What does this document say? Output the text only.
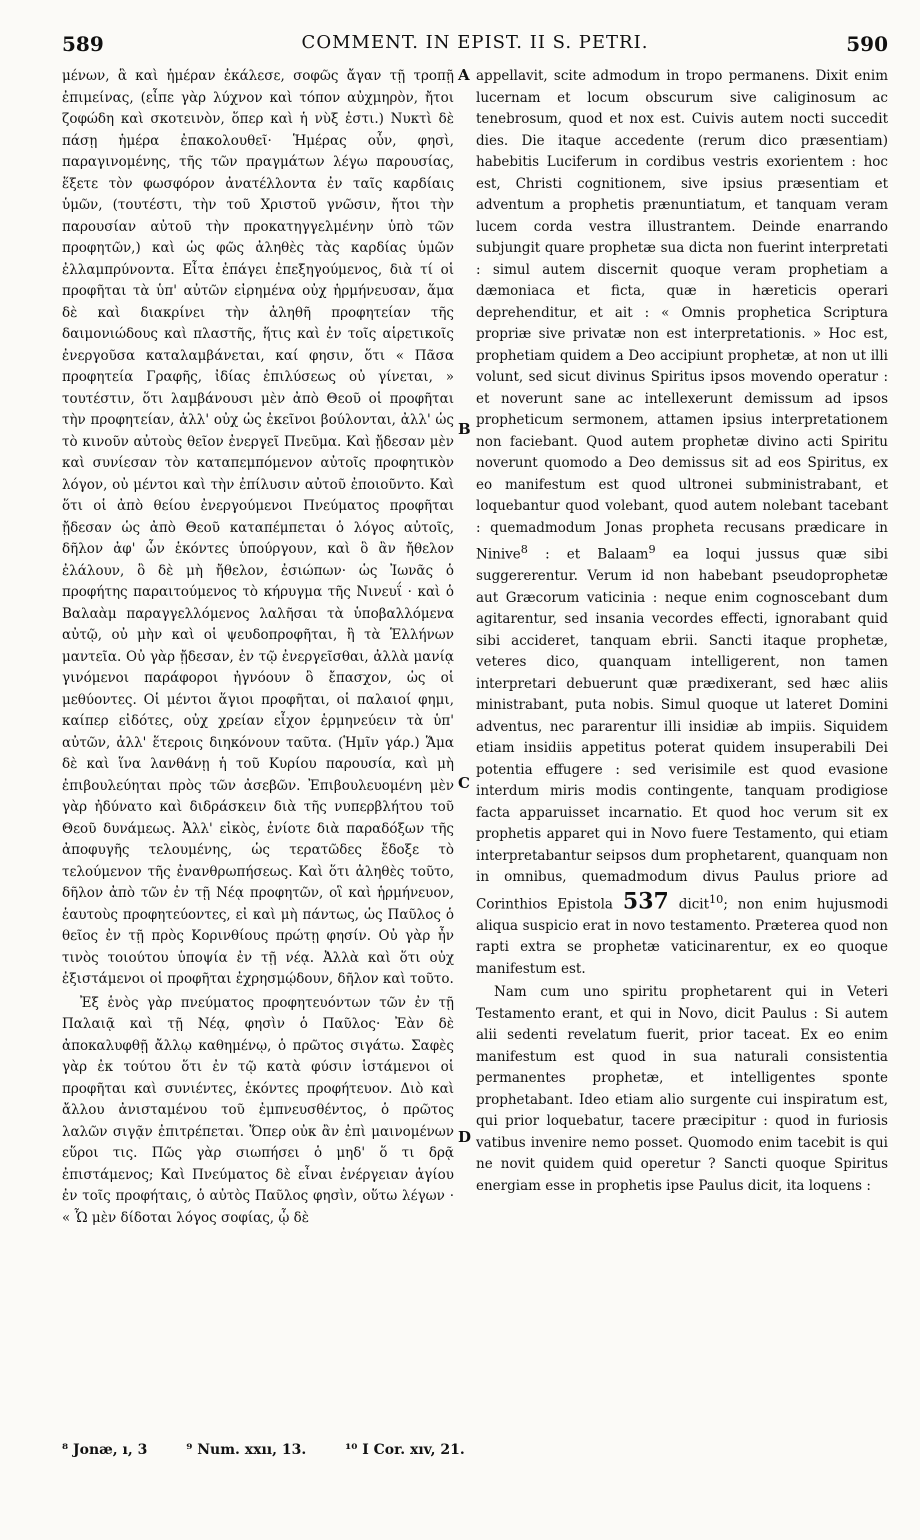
589	COMMENT. IN EPIST. II S. PETRI.	590

μένων, ἃ καὶ ἡμέραν ἐκάλεσε, σοφῶς ἄγαν τῇ τροπῇ ἐπιμείνας, (εἶπε γὰρ λύχνον καὶ τόπον αὐχμηρὸν, ἤτοι ζοφώδη καὶ σκοτεινὸν, ὅπερ καὶ ἡ νὺξ ἐστι.) Νυκτὶ δὲ πάσῃ ἡμέρα ἐπακολουθεῖ· Ἡμέρας οὖν, φησὶ, παραγινομένης, τῆς τῶν πραγμάτων λέγω παρουσίας, ἕξετε τὸν φωσφόρον ἀνατέλλοντα ἐν ταῖς καρδίαις ὑμῶν, (τουτέστι, τὴν τοῦ Χριστοῦ γνῶσιν, ἤτοι τὴν παρουσίαν αὐτοῦ τὴν προκατηγγελμένην ὑπὸ τῶν προφητῶν,) καὶ ὡς φῶς ἀληθὲς τὰς καρδίας ὑμῶν ἐλλαμπρύνοντα. Εἶτα ἐπάγει ἐπεξηγούμενος, διὰ τί οἱ προφῆται τὰ ὑπ' αὐτῶν εἰρημένα οὐχ ἡρμήνευσαν, ἅμα δὲ καὶ διακρίνει τὴν ἀληθῆ προφητείαν τῆς δαιμονιώδους καὶ πλαστῆς, ἥτις καὶ ἐν τοῖς αἱρετικοῖς ἐνεργοῦσα καταλαμβάνεται, καί φησιν, ὅτι « Πᾶσα προφητεία Γραφῆς, ἰδίας ἐπιλύσεως οὐ γίνεται, » τουτέστιν, ὅτι λαμβάνουσι μὲν ἀπὸ Θεοῦ οἱ προφῆται τὴν προφητείαν, ἀλλ' οὐχ ὡς ἐκεῖνοι βούλονται, ἀλλ' ὡς τὸ κινοῦν αὐτοὺς θεῖον ἐνεργεῖ Πνεῦμα. Καὶ ᾔδεσαν μὲν καὶ συνίεσαν τὸν καταπεμπόμενον αὐτοῖς προφητικὸν λόγον, οὐ μέντοι καὶ τὴν ἐπίλυσιν αὐτοῦ ἐποιοῦντο. Καὶ ὅτι οἱ ἀπὸ θείου ἐνεργούμενοι Πνεύματος προφῆται ᾔδεσαν ὡς ἀπὸ Θεοῦ καταπέμπεται ὁ λόγος αὐτοῖς, δῆλον ἀφ' ὧν ἑκόντες ὑπούργουν, καὶ ὃ ἂν ἤθελον ἐλάλουν, ὃ δὲ μὴ ἤθελον, ἐσιώπων· ὡς Ἰωνᾶς ὁ προφήτης παραιτούμενος τὸ κήρυγμα τῆς Νινευΐ · καὶ ὁ Βαλαὰμ παραγγελλόμενος λαλῆσαι τὰ ὑποβαλλόμενα αὐτῷ, οὐ μὴν καὶ οἱ ψευδοπροφῆται, ἢ τὰ Ἑλλήνων μαντεῖα. Οὐ γὰρ ᾔδεσαν, ἐν τῷ ἐνεργεῖσθαι, ἀλλὰ μανίᾳ γινόμενοι παράφοροι ἠγνόουν ὃ ἔπασχον, ὡς οἱ μεθύοντες. Οἱ μέντοι ἅγιοι προφῆται, οἱ παλαιοί φημι, καίπερ εἰδότες, οὐχ χρείαν εἶχον ἑρμηνεύειν τὰ ὑπ' αὐτῶν, ἀλλ' ἕτεροις διηκόνουν ταῦτα. (Ἡμῖν γάρ.) Ἅμα δὲ καὶ ἵνα λανθάνῃ ἡ τοῦ Κυρίου παρουσία, καὶ μὴ ἐπιβουλεύηται πρὸς τῶν ἀσεβῶν. Ἐπιβουλευομένη μὲν γὰρ ἠδύνατο καὶ διδράσκειν διὰ τῆς νυπερβλήτου τοῦ Θεοῦ δυνάμεως. Ἀλλ' εἰκὸς, ἐνίοτε διὰ παραδόξων τῆς ἀποφυγῆς τελουμένης, ὡς τερατῶδες ἔδοξε τὸ τελούμενον τῆς ἐνανθρωπήσεως. Καὶ ὅτι ἀληθὲς τοῦτο, δῆλον ἀπὸ τῶν ἐν τῇ Νέᾳ προφητῶν, οἳ καὶ ἡρμήνευον, ἑαυτοὺς προφητεύοντες, εἰ καὶ μὴ πάντως, ὡς Παῦλος ὁ θεῖος ἐν τῇ πρὸς Κορινθίους πρώτῃ φησίν. Οὐ γὰρ ἦν τινὸς τοιούτου ὑποψία ἐν τῇ νέᾳ. Ἀλλὰ καὶ ὅτι οὐχ ἐξιστάμενοι οἱ προφῆται ἐχρησμῴδουν, δῆλον καὶ τοῦτο.

Ἐξ ἑνὸς γὰρ πνεύματος προφητευόντων τῶν ἐν τῇ Παλαιᾷ καὶ τῇ Νέᾳ, φησὶν ὁ Παῦλος· Ἐὰν δὲ ἀποκαλυφθῇ ἄλλῳ καθημένῳ, ὁ πρῶτος σιγάτω. Σαφὲς γὰρ ἐκ τούτου ὅτι ἐν τῷ κατὰ φύσιν ἱστάμενοι οἱ προφῆται καὶ συνιέντες, ἑκόντες προφήτευον. Διὸ καὶ ἄλλου ἀνισταμένου τοῦ ἐμπνευσθέντος, ὁ πρῶτος λαλῶν σιγᾷν ἐπιτρέπεται. Ὅπερ οὐκ ἂν ἐπὶ μαινομένων εὕροι τις. Πῶς γὰρ σιωπήσει ὁ μηδ' ὅ τι δρᾷ ἐπιστάμενος; Καὶ Πνεύματος δὲ εἶναι ἐνέργειαν ἁγίου ἐν τοῖς προφήταις, ὁ αὐτὸς Παῦλος φησὶν, οὕτω λέγων · « Ὧ μὲν δίδοται λόγος σοφίας, ᾧ δὲ

A
B
C
D

appellavit, scite admodum in tropo permanens. Dixit enim lucernam et locum obscurum sive caliginosum ac tenebrosum, quod et nox est. Cuivis autem nocti succedit dies. Die itaque accedente (rerum dico præsentiam) habebitis Luciferum in cordibus vestris exorientem : hoc est, Christi cognitionem, sive ipsius præsentiam et adventum a prophetis prænuntiatum, et tanquam veram lucem corda vestra illustrantem. Deinde enarrando subjungit quare prophetæ sua dicta non fuerint interpretati : simul autem discernit quoque veram prophetiam a dæmoniaca et ficta, quæ in hæreticis operari deprehenditur, et ait : « Omnis prophetica Scriptura propriæ sive privatæ non est interpretationis. » Hoc est, prophetiam quidem a Deo accipiunt prophetæ, at non ut illi volunt, sed sicut divinus Spiritus ipsos movendo operatur : et noverunt sane ac intellexerunt demissum ad ipsos propheticum sermonem, attamen ipsius interpretationem non faciebant. Quod autem prophetæ divino acti Spiritu noverunt quomodo a Deo demissus sit ad eos Spiritus, ex eo manifestum est quod ultronei subministrabant, et loquebantur quod volebant, quod autem nolebant tacebant : quemadmodum Jonas propheta recusans prædicare in Ninive$^8$ : et Balaam$^9$ ea loqui jussus quæ sibi suggererentur. Verum id non habebant pseudoprophetæ aut Græcorum vaticinia : neque enim cognoscebant dum agitarentur, sed insania vecordes effecti, ignorabant quid sibi accideret, tanquam ebrii. Sancti itaque prophetæ, veteres dico, quanquam intelligerent, non tamen interpretari debuerunt quæ prædixerant, sed hæc aliis ministrabant, puta nobis. Simul quoque ut lateret Domini adventus, nec pararentur illi insidiæ ab impiis. Siquidem etiam insidiis appetitus poterat quidem insuperabili Dei potentia effugere : sed verisimile est quod evasione interdum miris modis contingente, tanquam prodigiose facta apparuisset incarnatio. Et quod hoc verum sit ex prophetis apparet qui in Novo fuere Testamento, qui etiam interpretabantur seipsos dum prophetarent, quanquam non in omnibus, quemadmodum divus Paulus priore ad Corinthios Epistola 537 dicit$^{10}$; non enim hujusmodi aliqua suspicio erat in novo testamento. Præterea quod non rapti extra se prophetæ vaticinarentur, ex eo quoque manifestum est.

Nam cum uno spiritu prophetarent qui in Veteri Testamento erant, et qui in Novo, dicit Paulus : Si autem alii sedenti revelatum fuerit, prior taceat. Ex eo enim manifestum est quod in sua naturali consistentia permanentes prophetæ, et intelligentes sponte prophetabant. Ideo etiam alio surgente cui inspiratum est, qui prior loquebatur, tacere præcipitur : quod in furiosis vatibus invenire nemo posset. Quomodo enim tacebit is qui ne novit quidem quid operetur ? Sancti quoque Spiritus energiam esse in prophetis ipse Paulus dicit, ita loquens :

⁸ Jonæ, ı, 3	⁹ Num. xxıı, 13.	¹⁰ I Cor. xıv, 21.
